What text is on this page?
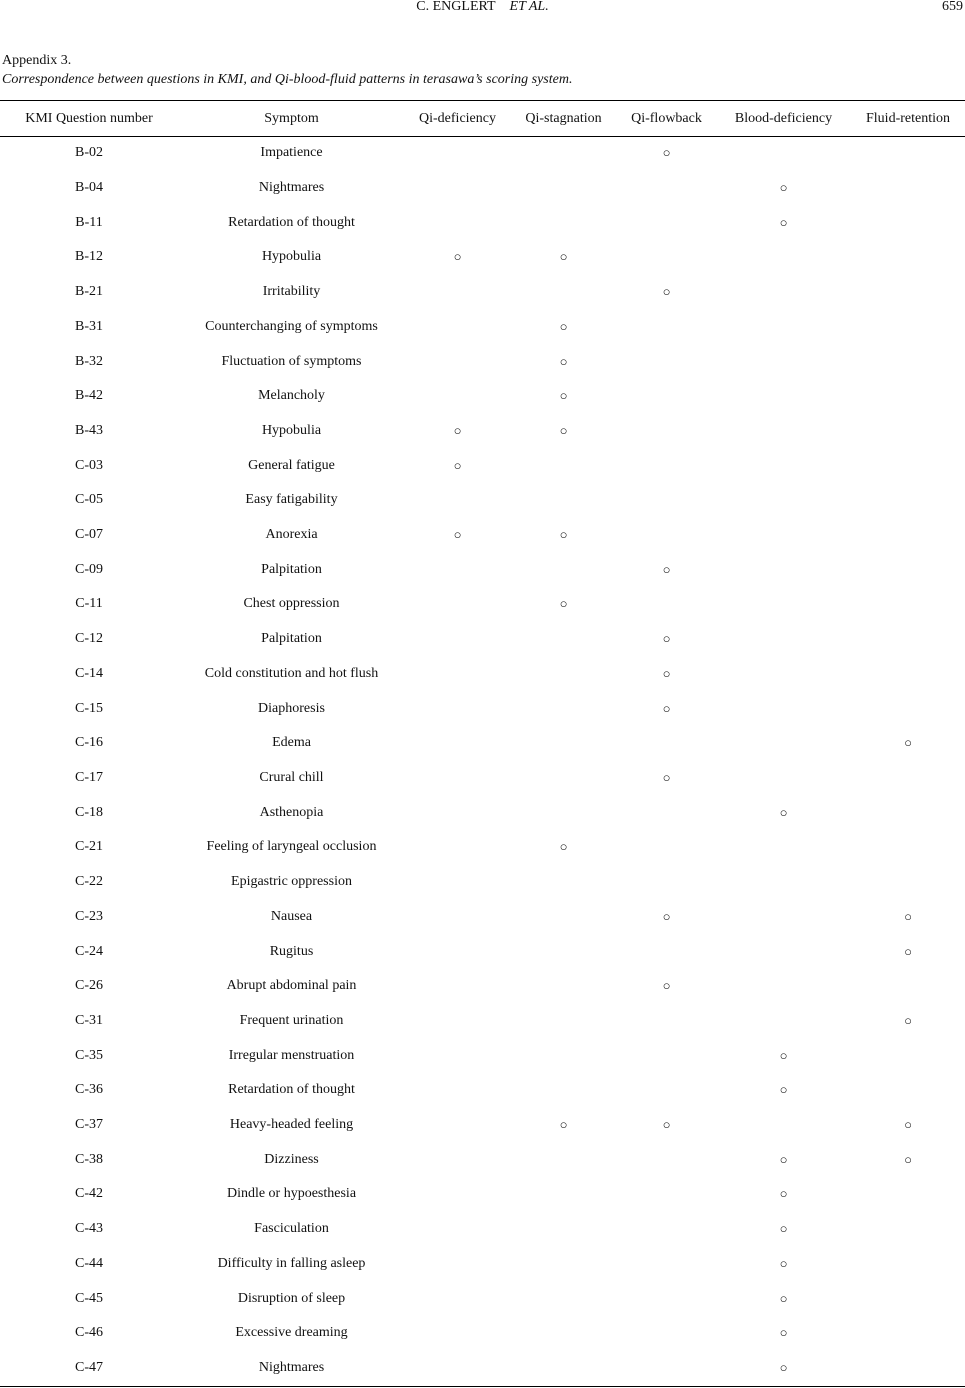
C. ENGLERT ET AL.	659
Appendix 3.
Correspondence between questions in KMI, and Qi-blood-fluid patterns in terasawa’s scoring system.
KMI Question number	Symptom	Qi-deficiency	Qi-stagnation	Qi-flowback	Blood-deficiency	Fluid-retention
B-02	Impatience			○		
B-04	Nightmares				○	
B-11	Retardation of thought				○	
B-12	Hypobulia	○	○			
B-21	Irritability			○		
B-31	Counterchanging of symptoms		○			
B-32	Fluctuation of symptoms		○			
B-42	Melancholy		○			
B-43	Hypobulia	○	○			
C-03	General fatigue	○				
C-05	Easy fatigability					
C-07	Anorexia	○	○			
C-09	Palpitation			○		
C-11	Chest oppression		○			
C-12	Palpitation			○		
C-14	Cold constitution and hot flush			○		
C-15	Diaphoresis			○		
C-16	Edema					○
C-17	Crural chill			○		
C-18	Asthenopia				○	
C-21	Feeling of laryngeal occlusion		○			
C-22	Epigastric oppression					
C-23	Nausea			○		○
C-24	Rugitus					○
C-26	Abrupt abdominal pain			○		
C-31	Frequent urination					○
C-35	Irregular menstruation				○	
C-36	Retardation of thought				○	
C-37	Heavy-headed feeling		○	○		○
C-38	Dizziness				○	○
C-42	Dindle or hypoesthesia				○	
C-43	Fasciculation				○	
C-44	Difficulty in falling asleep				○	
C-45	Disruption of sleep				○	
C-46	Excessive dreaming				○	
C-47	Nightmares				○	
